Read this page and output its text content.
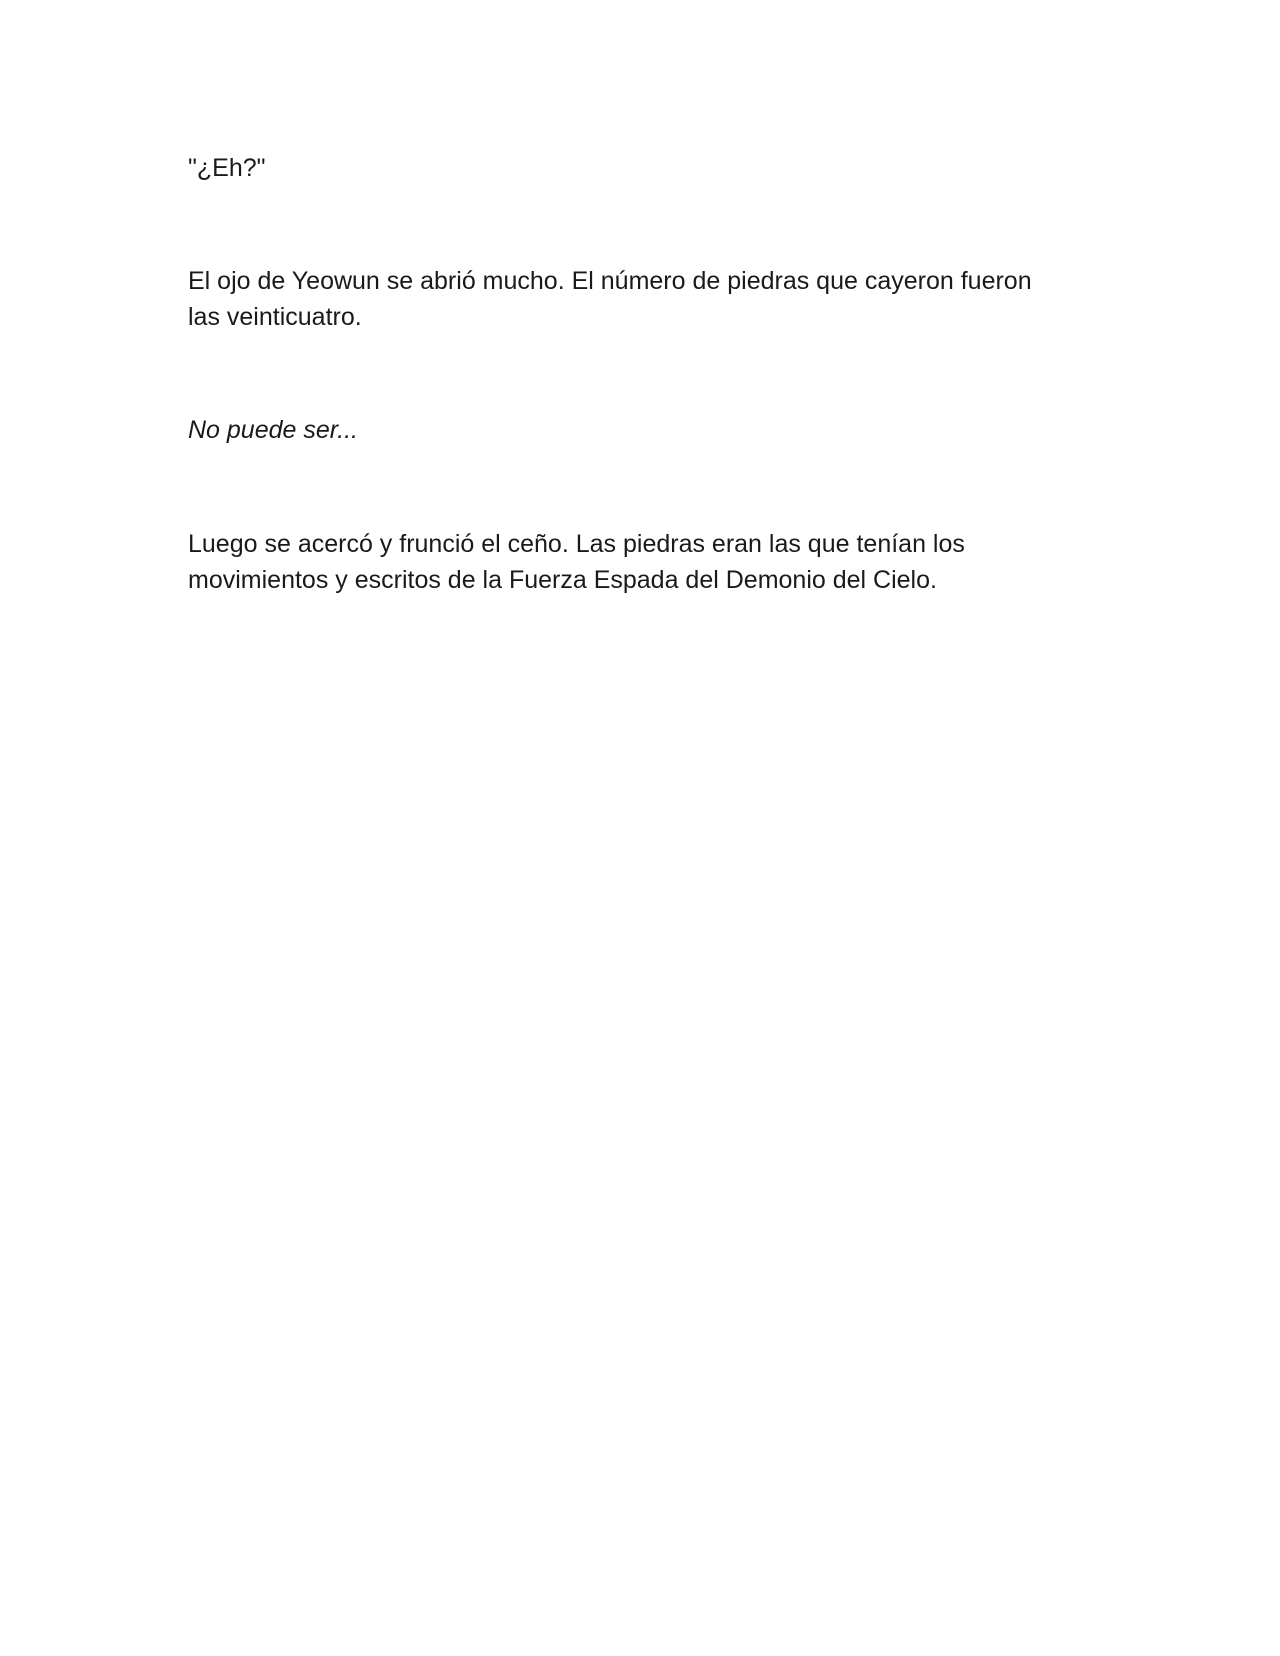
"¿Eh?"

El ojo de Yeowun se abrió mucho. El número de piedras que cayeron fueron las veinticuatro.

No puede ser...

Luego se acercó y frunció el ceño. Las piedras eran las que tenían los movimientos y escritos de la Fuerza Espada del Demonio del Cielo.
